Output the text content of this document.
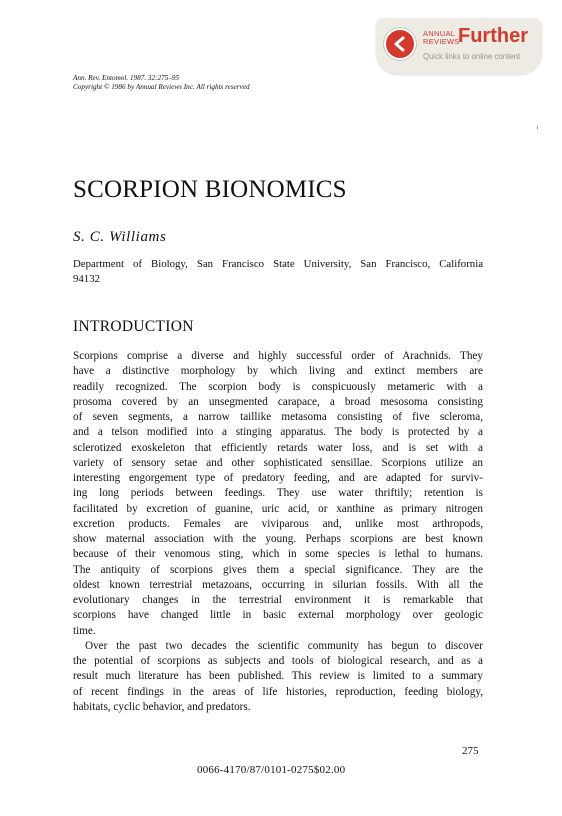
ANNUAL
REVIEWS
Further
Quick links to online content
Ann. Rev. Entomol. 1987. 32:275–95
Copyright © 1986 by Annual Reviews Inc. All rights reserved
SCORPION BIONOMICS
S. C. Williams
Department of Biology, San Francisco State University, San Francisco, California
94132
INTRODUCTION
Scorpions comprise a diverse and highly successful order of Arachnids. They
have a distinctive morphology by which living and extinct members are
readily recognized. The scorpion body is conspicuously metameric with a
prosoma covered by an unsegmented carapace, a broad mesosoma consisting
of seven segments, a narrow taillike metasoma consisting of five scleroma,
and a telson modified into a stinging apparatus. The body is protected by a
sclerotized exoskeleton that efficiently retards water loss, and is set with a
variety of sensory setae and other sophisticated sensillae. Scorpions utilize an
interesting engorgement type of predatory feeding, and are adapted for surviv-
ing long periods between feedings. They use water thriftily; retention is
facilitated by excretion of guanine, uric acid, or xanthine as primary nitrogen
excretion products. Females are viviparous and, unlike most arthropods,
show maternal association with the young. Perhaps scorpions are best known
because of their venomous sting, which in some species is lethal to humans.
The antiquity of scorpions gives them a special significance. They are the
oldest known terrestrial metazoans, occurring in silurian fossils. With all the
evolutionary changes in the terrestrial environment it is remarkable that
scorpions have changed little in basic external morphology over geologic
time.
Over the past two decades the scientific community has begun to discover
the potential of scorpions as subjects and tools of biological research, and as a
result much literature has been published. This review is limited to a summary
of recent findings in the areas of life histories, reproduction, feeding biology,
habitats, cyclic behavior, and predators.
275
0066-4170/87/0101-0275$02.00
